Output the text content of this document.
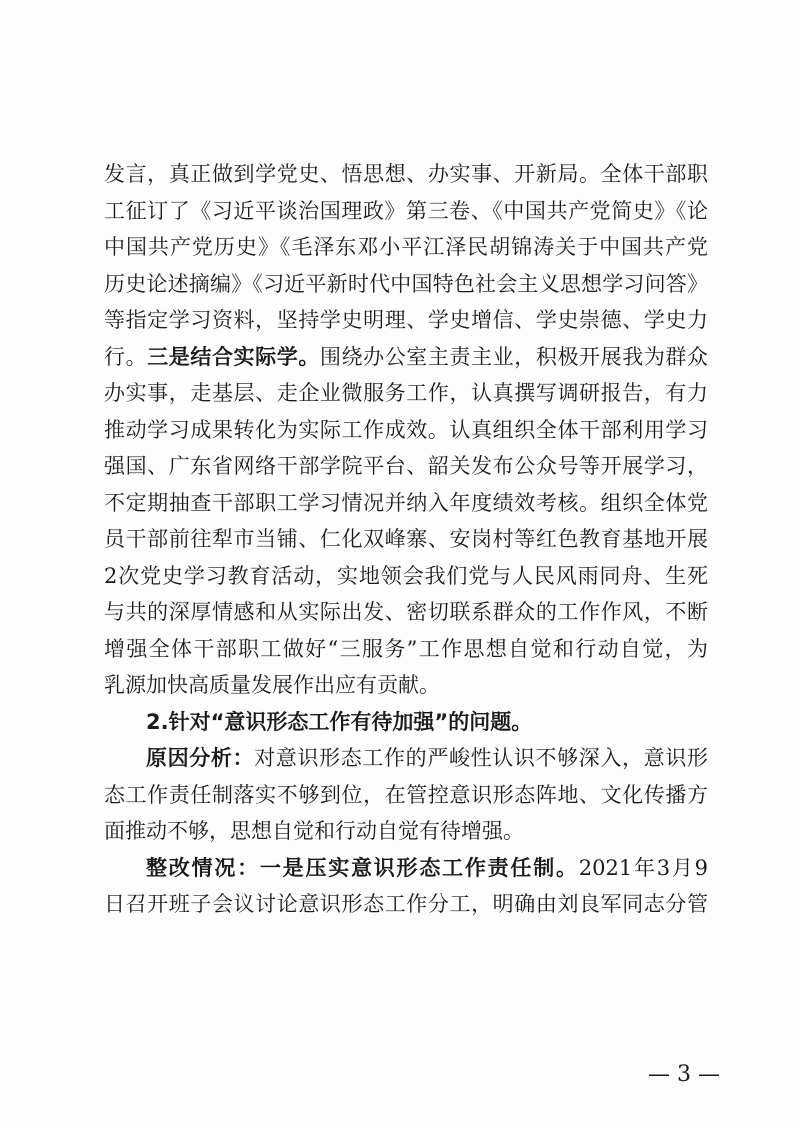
发言，真正做到学党史、悟思想、办实事、开新局。全体干部职
工征订了《习近平谈治国理政》第三卷、《中国共产党简史》《论
中国共产党历史》《毛泽东邓小平江泽民胡锦涛关于中国共产党
历史论述摘编》《习近平新时代中国特色社会主义思想学习问答》
等指定学习资料，坚持学史明理、学史增信、学史崇德、学史力
行。三是结合实际学。围绕办公室主责主业，积极开展我为群众
办实事，走基层、走企业微服务工作，认真撰写调研报告，有力
推动学习成果转化为实际工作成效。认真组织全体干部利用学习
强国、广东省网络干部学院平台、韶关发布公众号等开展学习，
不定期抽查干部职工学习情况并纳入年度绩效考核。组织全体党
员干部前往犁市当铺、仁化双峰寨、安岗村等红色教育基地开展
2次党史学习教育活动，实地领会我们党与人民风雨同舟、生死
与共的深厚情感和从实际出发、密切联系群众的工作作风，不断
增强全体干部职工做好“三服务”工作思想自觉和行动自觉，为
乳源加快高质量发展作出应有贡献。
2.针对“意识形态工作有待加强”的问题。
原因分析：对意识形态工作的严峻性认识不够深入，意识形
态工作责任制落实不够到位，在管控意识形态阵地、文化传播方
面推动不够，思想自觉和行动自觉有待增强。
整改情况：一是压实意识形态工作责任制。2021年3月9
日召开班子会议讨论意识形态工作分工，明确由刘良军同志分管
— 3 —
